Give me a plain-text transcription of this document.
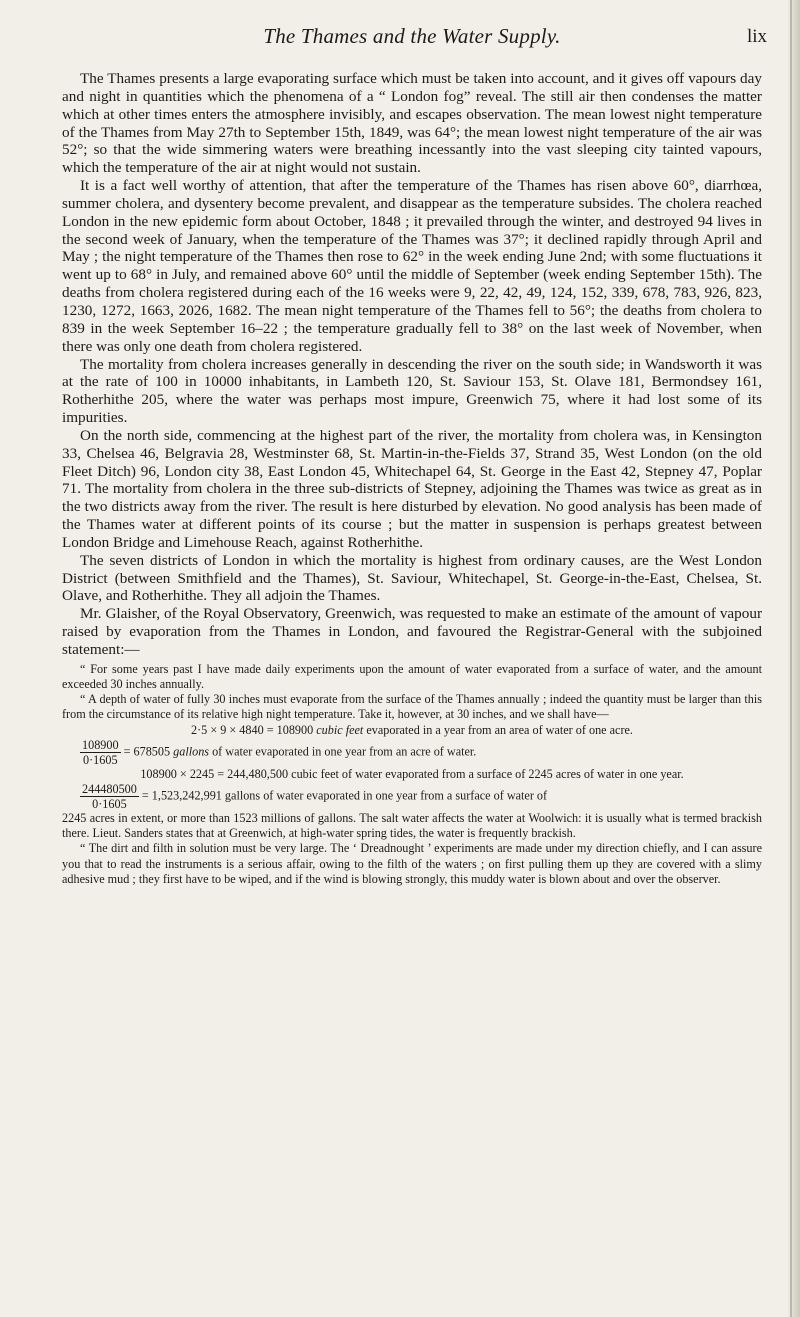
The Thames and the Water Supply.	lix

The Thames presents a large evaporating surface which must be taken into account, and it gives off vapours day and night in quantities which the phenomena of a “ London fog” reveal. The still air then condenses the matter which at other times enters the atmosphere invisibly, and escapes observation. The mean lowest night temperature of the Thames from May 27th to September 15th, 1849, was 64°; the mean lowest night temperature of the air was 52°; so that the wide simmering waters were breathing incessantly into the vast sleeping city tainted vapours, which the temperature of the air at night would not sustain.

It is a fact well worthy of attention, that after the temperature of the Thames has risen above 60°, diarrhœa, summer cholera, and dysentery become prevalent, and disappear as the temperature subsides. The cholera reached London in the new epidemic form about October, 1848 ; it prevailed through the winter, and destroyed 94 lives in the second week of January, when the temperature of the Thames was 37°; it declined rapidly through April and May ; the night temperature of the Thames then rose to 62° in the week ending June 2nd; with some fluctuations it went up to 68° in July, and remained above 60° until the middle of September (week ending September 15th). The deaths from cholera registered during each of the 16 weeks were 9, 22, 42, 49, 124, 152, 339, 678, 783, 926, 823, 1230, 1272, 1663, 2026, 1682. The mean night temperature of the Thames fell to 56°; the deaths from cholera to 839 in the week September 16–22 ; the temperature gradually fell to 38° on the last week of November, when there was only one death from cholera registered.

The mortality from cholera increases generally in descending the river on the south side; in Wandsworth it was at the rate of 100 in 10000 inhabitants, in Lambeth 120, St. Saviour 153, St. Olave 181, Bermondsey 161, Rotherhithe 205, where the water was perhaps most impure, Greenwich 75, where it had lost some of its impurities.

On the north side, commencing at the highest part of the river, the mortality from cholera was, in Kensington 33, Chelsea 46, Belgravia 28, Westminster 68, St. Martin-in-the-Fields 37, Strand 35, West London (on the old Fleet Ditch) 96, London city 38, East London 45, Whitechapel 64, St. George in the East 42, Stepney 47, Poplar 71. The mortality from cholera in the three sub-districts of Stepney, adjoining the Thames was twice as great as in the two districts away from the river. The result is here disturbed by elevation. No good analysis has been made of the Thames water at different points of its course ; but the matter in suspension is perhaps greatest between London Bridge and Limehouse Reach, against Rotherhithe.

The seven districts of London in which the mortality is highest from ordinary causes, are the West London District (between Smithfield and the Thames), St. Saviour, Whitechapel, St. George-in-the-East, Chelsea, St. Olave, and Rotherhithe. They all adjoin the Thames.

Mr. Glaisher, of the Royal Observatory, Greenwich, was requested to make an estimate of the amount of vapour raised by evaporation from the Thames in London, and favoured the Registrar-General with the subjoined statement:—

“ For some years past I have made daily experiments upon the amount of water evaporated from a surface of water, and the amount exceeded 30 inches annually.

“ A depth of water of fully 30 inches must evaporate from the surface of the Thames annually ; indeed the quantity must be larger than this from the circumstance of its relative high night temperature. Take it, however, at 30 inches, and we shall have—

2·5 × 9 × 4840 = 108900 cubic feet evaporated in a year from an area of water of one acre.

$\frac{108900}{0\cdot 1605} = 678505$ gallons of water evaporated in one year from an acre of water.

108900 × 2245 = 244,480,500 cubic feet of water evaporated from a surface of 2245 acres of water in one year.

$\frac{244480500}{0\cdot 1605} = 1,523,242,991$ gallons of water evaporated in one year from a surface of water of

2245 acres in extent, or more than 1523 millions of gallons. The salt water affects the water at Woolwich: it is usually what is termed brackish there. Lieut. Sanders states that at Greenwich, at high-water spring tides, the water is frequently brackish.

“ The dirt and filth in solution must be very large. The ‘ Dreadnought ’ experiments are made under my direction chiefly, and I can assure you that to read the instruments is a serious affair, owing to the filth of the waters ; on first pulling them up they are covered with a slimy adhesive mud ; they first have to be wiped, and if the wind is blowing strongly, this muddy water is blown about and over the observer.
